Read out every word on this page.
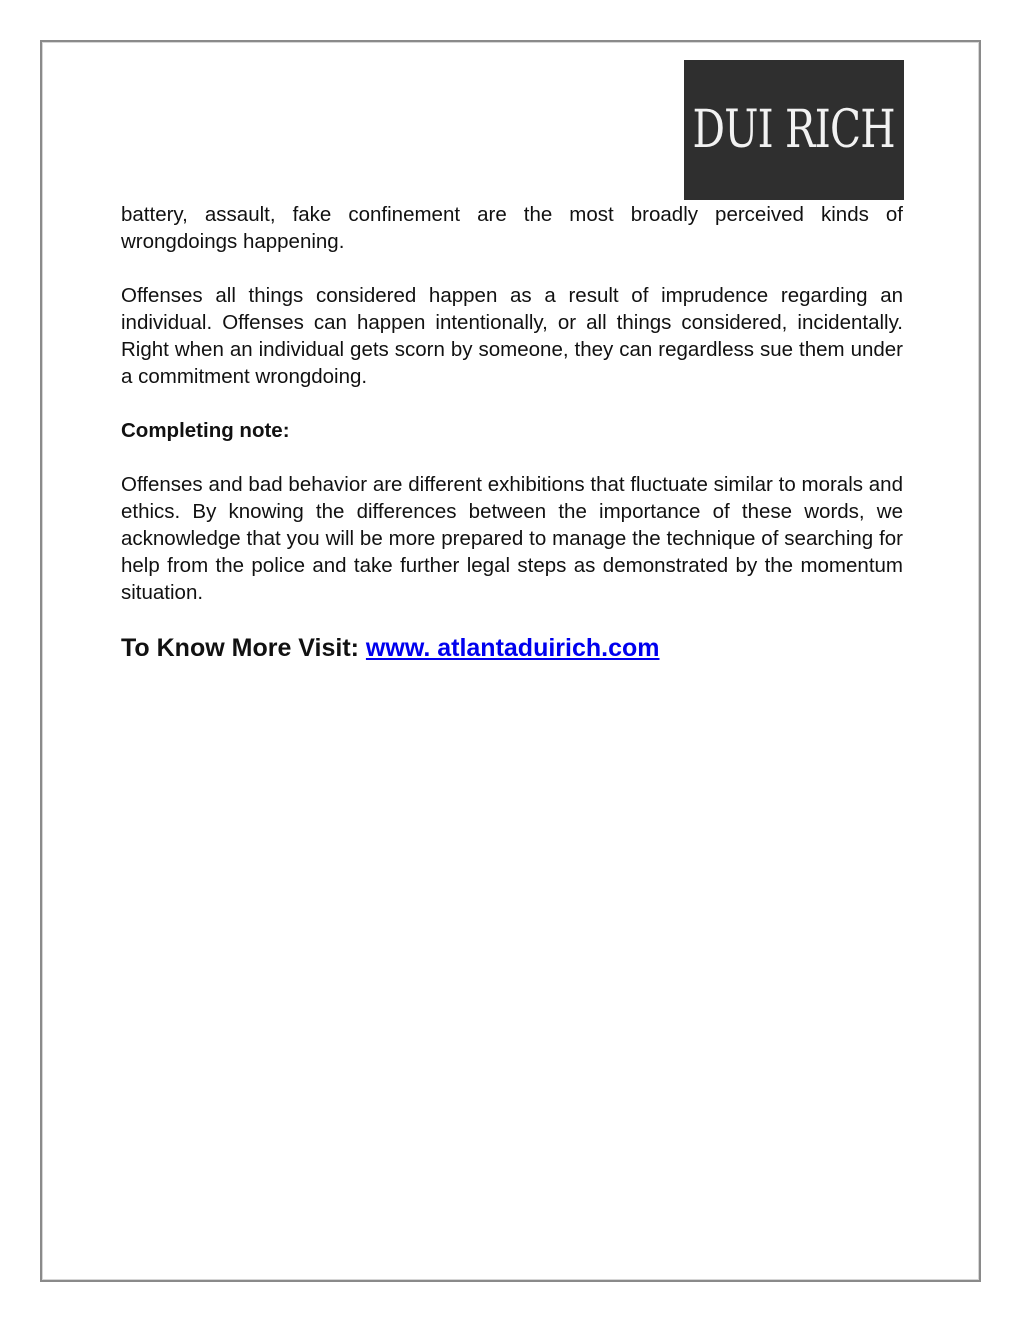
DUI RICH

battery, assault, fake confinement are the most broadly perceived kinds of wrongdoings happening.

Offenses all things considered happen as a result of imprudence regarding an individual. Offenses can happen intentionally, or all things considered, incidentally. Right when an individual gets scorn by someone, they can regardless sue them under a commitment wrongdoing.

Completing note:

Offenses and bad behavior are different exhibitions that fluctuate similar to morals and ethics. By knowing the differences between the importance of these words, we acknowledge that you will be more prepared to manage the technique of searching for help from the police and take further legal steps as demonstrated by the momentum situation.

To Know More Visit: www. atlantaduirich.com
